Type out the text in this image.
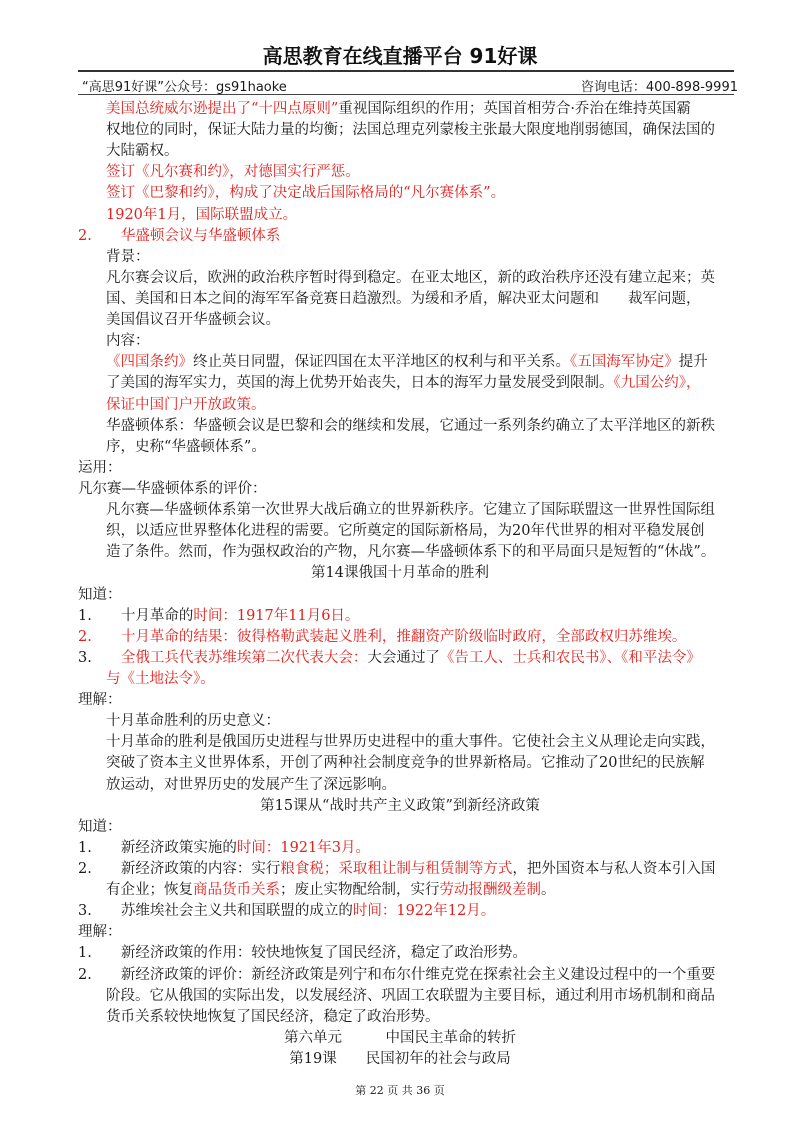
高思教育在线直播平台 91好课
“高思91好课”公众号：gs91haoke	咨询电话：400-898-9991
美国总统威尔逊提出了“十四点原则”重视国际组织的作用；英国首相劳合·乔治在维持英国霸
权地位的同时，保证大陆力量的均衡；法国总理克列蒙梭主张最大限度地削弱德国，确保法国的
大陆霸权。
签订《凡尔赛和约》，对德国实行严惩。
签订《巴黎和约》，构成了决定战后国际格局的“凡尔赛体系”。
1920年1月，国际联盟成立。
2.　　华盛顿会议与华盛顿体系
背景：
凡尔赛会议后，欧洲的政治秩序暂时得到稳定。在亚太地区，新的政治秩序还没有建立起来；英
国、美国和日本之间的海军军备竞赛日趋激烈。为缓和矛盾，解决亚太问题和　　裁军问题，
美国倡议召开华盛顿会议。
内容：
《四国条约》终止英日同盟，保证四国在太平洋地区的权利与和平关系。《五国海军协定》提升
了美国的海军实力，英国的海上优势开始丧失，日本的海军力量发展受到限制。《九国公约》，
保证中国门户开放政策。
华盛顿体系：华盛顿会议是巴黎和会的继续和发展，它通过一系列条约确立了太平洋地区的新秩
序，史称“华盛顿体系”。
运用：
凡尔赛—华盛顿体系的评价：
凡尔赛—华盛顿体系第一次世界大战后确立的世界新秩序。它建立了国际联盟这一世界性国际组
织，以适应世界整体化进程的需要。它所奠定的国际新格局，为20年代世界的相对平稳发展创
造了条件。然而，作为强权政治的产物，凡尔赛—华盛顿体系下的和平局面只是短暂的“休战”。
第14课俄国十月革命的胜利
知道：
1.　　十月革命的时间：1917年11月6日。
2.　　十月革命的结果：彼得格勒武装起义胜利，推翻资产阶级临时政府，全部政权归苏维埃。
3.　　全俄工兵代表苏维埃第二次代表大会：大会通过了《告工人、士兵和农民书》、《和平法令》
与《土地法令》。
理解：
十月革命胜利的历史意义：
十月革命的胜利是俄国历史进程与世界历史进程中的重大事件。它使社会主义从理论走向实践，
突破了资本主义世界体系，开创了两种社会制度竞争的世界新格局。它推动了20世纪的民族解
放运动，对世界历史的发展产生了深远影响。
第15课从“战时共产主义政策”到新经济政策
知道：
1.　　新经济政策实施的时间：1921年3月。
2.　　新经济政策的内容：实行粮食税；采取租让制与租赁制等方式，把外国资本与私人资本引入国
有企业；恢复商品货币关系；废止实物配给制，实行劳动报酬级差制。
3.　　苏维埃社会主义共和国联盟的成立的时间：1922年12月。
理解：
1.　　新经济政策的作用：较快地恢复了国民经济，稳定了政治形势。
2.　　新经济政策的评价：新经济政策是列宁和布尔什维克党在探索社会主义建设过程中的一个重要
阶段。它从俄国的实际出发，以发展经济、巩固工农联盟为主要目标，通过利用市场机制和商品
货币关系较快地恢复了国民经济，稳定了政治形势。
第六单元　　　中国民主革命的转折
第19课　　民国初年的社会与政局
第 22 页 共 36 页
